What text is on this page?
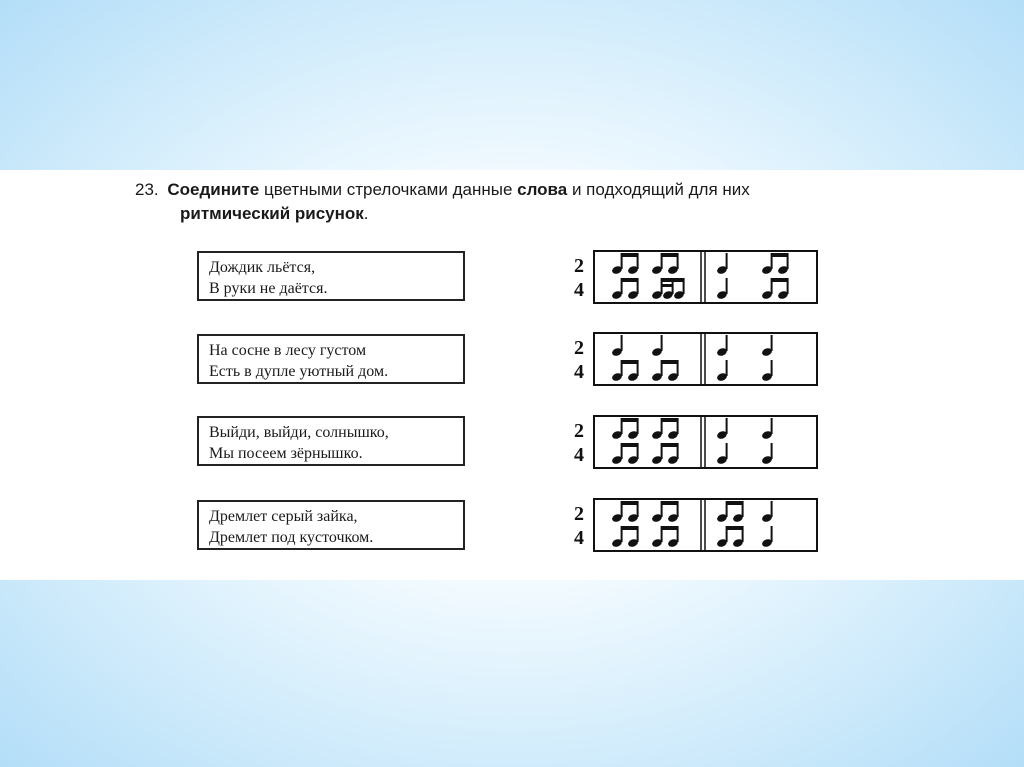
23. Соедините цветными стрелочками данные слова и подходящий для них
ритмический рисунок.
Дождик льётся,
В руки не даётся.
На сосне в лесу густом
Есть в дупле уютный дом.
Выйди, выйди, солнышко,
Мы посеем зёрнышко.
Дремлет серый зайка,
Дремлет под кусточком.
2
4
2
4
2
4
2
4
